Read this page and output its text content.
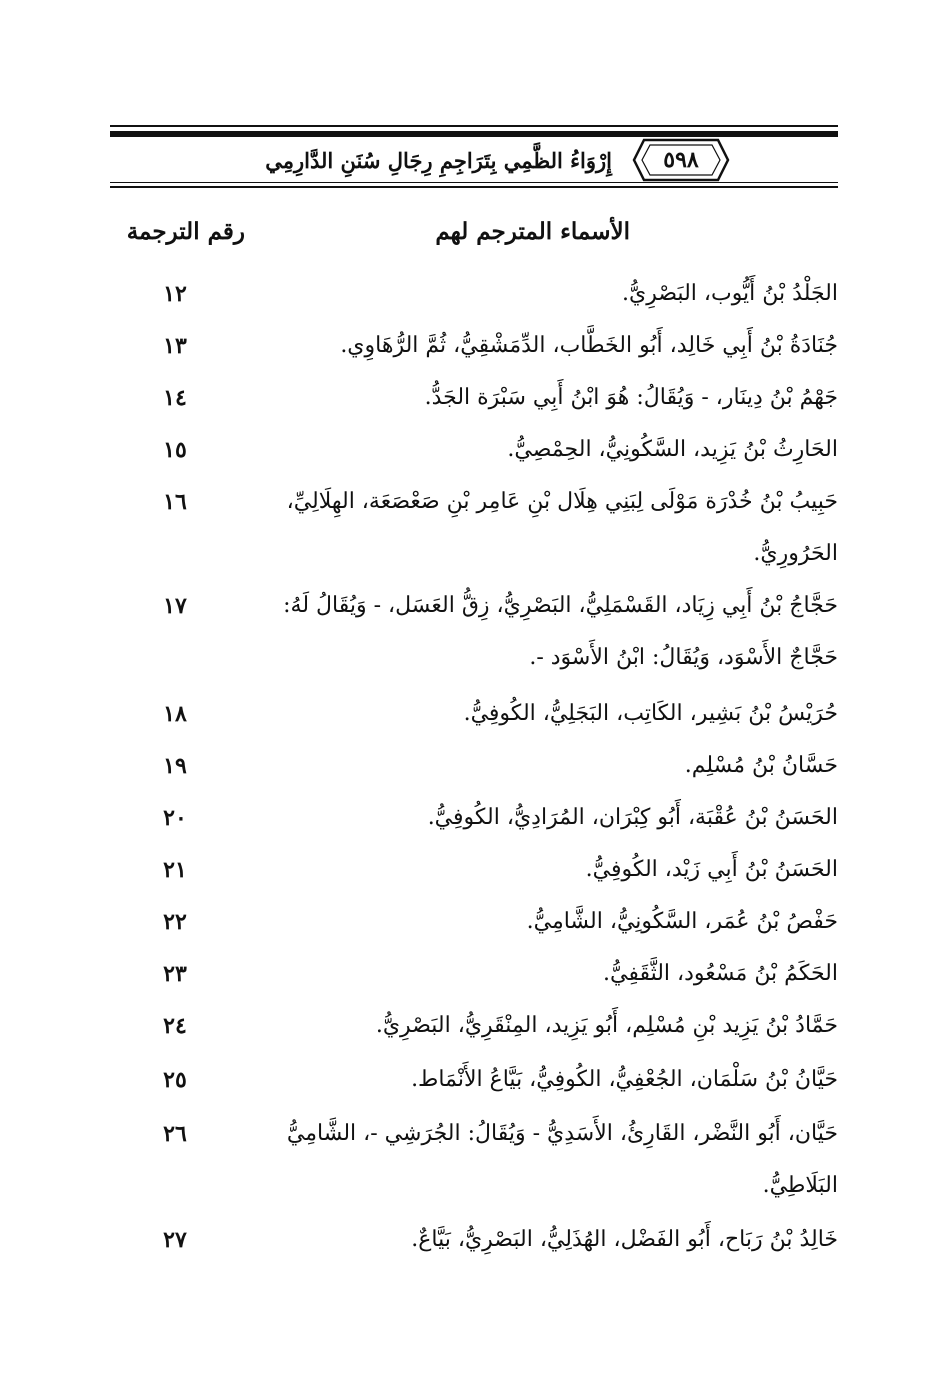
٥٩٨
إِرْوَاءُ الظَّمِي بِتَرَاجِمِ رِجَالِ سُنَنِ الدَّارِمِي
الأسماء المترجم لهم
رقم الترجمة
الجَلْدُ بْنُ أَيُّوب، البَصْرِيُّ.
١٢
جُنَادَةُ بْنُ أَبِي خَالِد، أَبُو الخَطَّاب، الدِّمَشْقِيُّ، ثُمَّ الرُّهَاوِي.
١٣
جَهْمُ بْنُ دِينَار، - وَيُقَالُ: هُوَ ابْنُ أَبِي سَبْرَة الجَدُّ.
١٤
الحَارِثُ بْنُ يَزِيد، السَّكُونِيُّ، الحِمْصِيُّ.
١٥
حَبِيبُ بْنُ خُدْرَة مَوْلَى لِبَنِي هِلَال بْنِ عَامِر بْنِ صَعْصَعَة، الهِلَالِيِّ، الحَرُورِيُّ.
١٦
حَجَّاجُ بْنُ أَبِي زِيَاد، القَسْمَلِيُّ، البَصْرِيُّ، زِقُّ العَسَل، - وَيُقَالُ لَهُ: حَجَّاجٌ الأَسْوَد، وَيُقَالُ: ابْنُ الأَسْوَد -.
١٧
حُرَيْسُ بْنُ بَشِير، الكَاتِب، البَجَلِيُّ، الكُوفِيُّ.
١٨
حَسَّانُ بْنُ مُسْلِم.
١٩
الحَسَنُ بْنُ عُقْبَة، أَبُو كِبْرَان، المُرَادِيُّ، الكُوفِيُّ.
٢٠
الحَسَنُ بْنُ أَبِي زَيْد، الكُوفِيُّ.
٢١
حَفْصُ بْنُ عُمَر، السَّكُونِيُّ، الشَّامِيُّ.
٢٢
الحَكَمُ بْنُ مَسْعُود، الثَّقَفِيُّ.
٢٣
حَمَّادُ بْنُ يَزِيد بْنِ مُسْلِم، أَبُو يَزِيد، المِنْقَرِيُّ، البَصْرِيُّ.
٢٤
حَيَّانُ بْنُ سَلْمَان، الجُعْفِيُّ، الكُوفِيُّ، بَيَّاعُ الأَنْمَاط.
٢٥
حَيَّان، أَبُو النَّضْر، القَارِئُ، الأَسَدِيُّ - وَيُقَالُ: الجُرَشِي -، الشَّامِيُّ البَلَاطِيُّ.
٢٦
خَالِدُ بْنُ رَبَاح، أَبُو الفَضْل، الهُذَلِيُّ، البَصْرِيُّ، بَيَّاعٌ.
٢٧
